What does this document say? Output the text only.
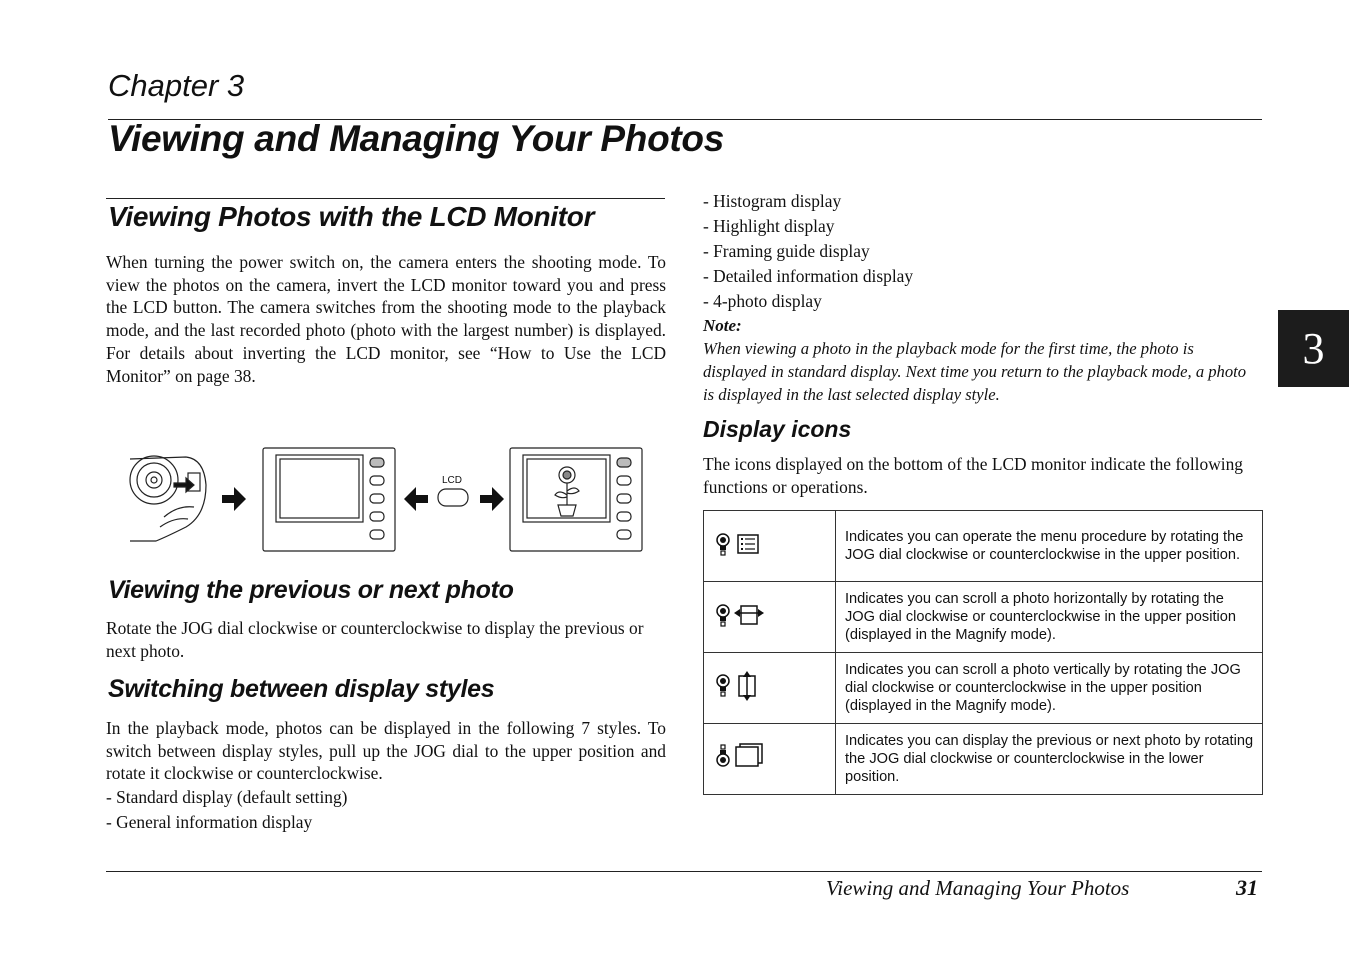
Chapter 3
Viewing and Managing Your Photos
3
Viewing Photos with the LCD Monitor
When turning the power switch on, the camera enters the shooting mode. To view the photos on the camera, invert the LCD monitor toward you and press the LCD button. The camera switches from the shooting mode to the playback mode, and the last recorded photo (photo with the largest number) is displayed. For details about inverting the LCD monitor, see “How to Use the LCD Monitor” on page 38.
LCD
Viewing the previous or next photo
Rotate the JOG dial clockwise or counterclockwise to display the previous or next photo.
Switching between display styles
In the playback mode, photos can be displayed in the following 7 styles. To switch between display styles, pull up the JOG dial to the upper position and rotate it clockwise or counterclockwise.
- Standard display (default setting)
- General information display
- Histogram display
- Highlight display
- Framing guide display
- Detailed information display
- 4-photo display
Note:
When viewing a photo in the playback mode for the first time, the photo is displayed in standard display. Next time you return to the playback mode, a photo is displayed in the last selected display style.
Display icons
The icons displayed on the bottom of the LCD monitor indicate the following functions or operations.
	Indicates you can operate the menu procedure by rotating the JOG dial clockwise or counterclockwise in the upper position.
	Indicates you can scroll a photo horizontally by rotating the JOG dial clockwise or counterclockwise in the upper position (displayed in the Magnify mode).
	Indicates you can scroll a photo vertically by rotating the JOG dial clockwise or counterclockwise in the upper position (displayed in the Magnify mode).
	Indicates you can display the previous or next photo by rotating the JOG dial clockwise or counterclockwise in the lower position.
Viewing and Managing Your Photos	31
